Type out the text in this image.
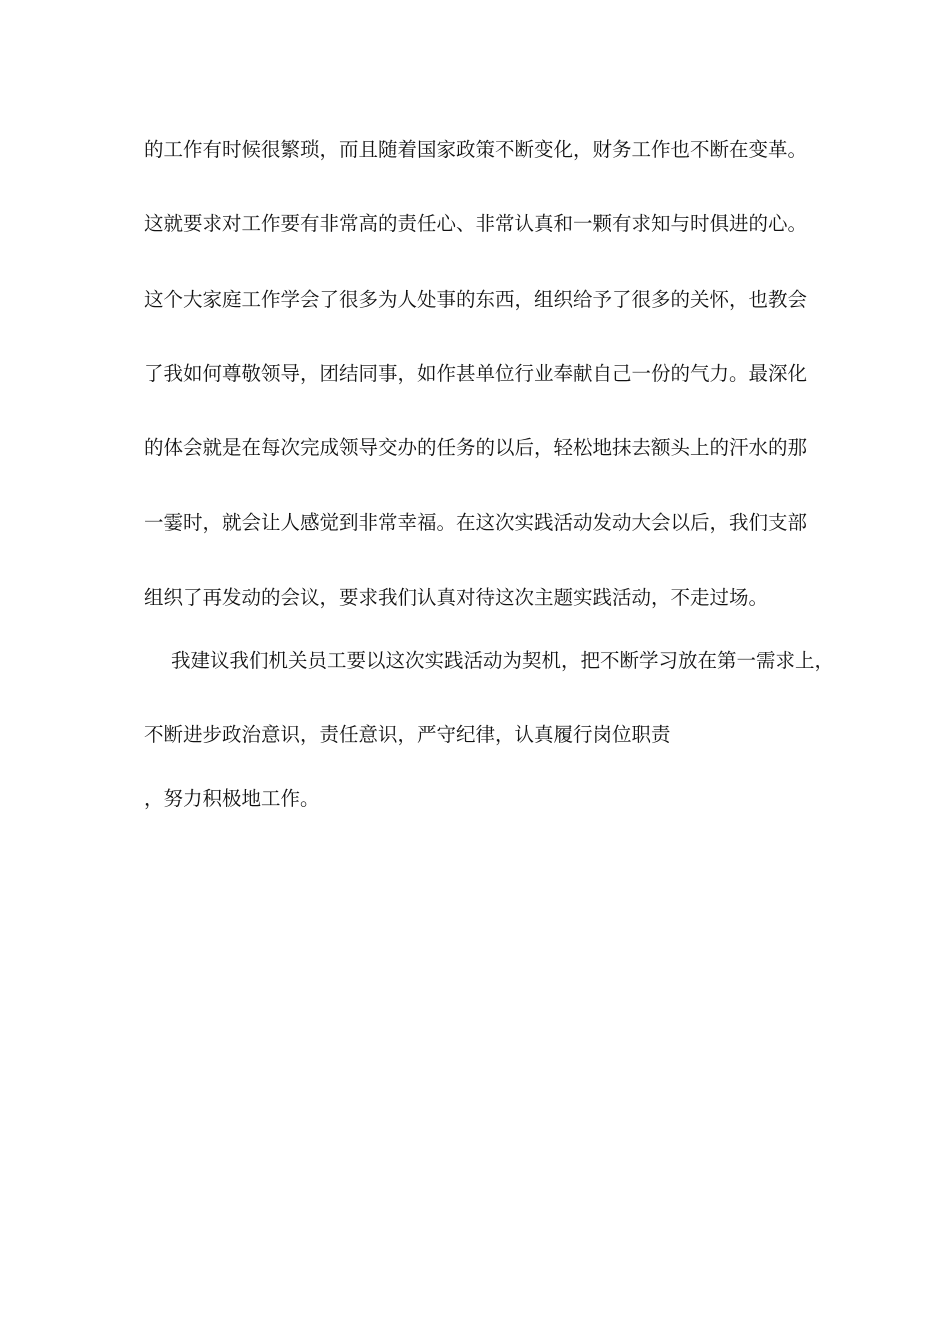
的工作有时候很繁琐，而且随着国家政策不断变化，财务工作也不断在变革。
这就要求对工作要有非常高的责任心、非常认真和一颗有求知与时俱进的心。
这个大家庭工作学会了很多为人处事的东西，组织给予了很多的关怀，也教会
了我如何尊敬领导，团结同事，如作甚单位行业奉献自己一份的气力。最深化
的体会就是在每次完成领导交办的任务的以后，轻松地抹去额头上的汗水的那
一霎时，就会让人感觉到非常幸福。在这次实践活动发动大会以后，我们支部
组织了再发动的会议，要求我们认真对待这次主题实践活动，不走过场。
我建议我们机关员工要以这次实践活动为契机，把不断学习放在第一需求上，
不断进步政治意识，责任意识，严守纪律，认真履行岗位职责
，努力积极地工作。
